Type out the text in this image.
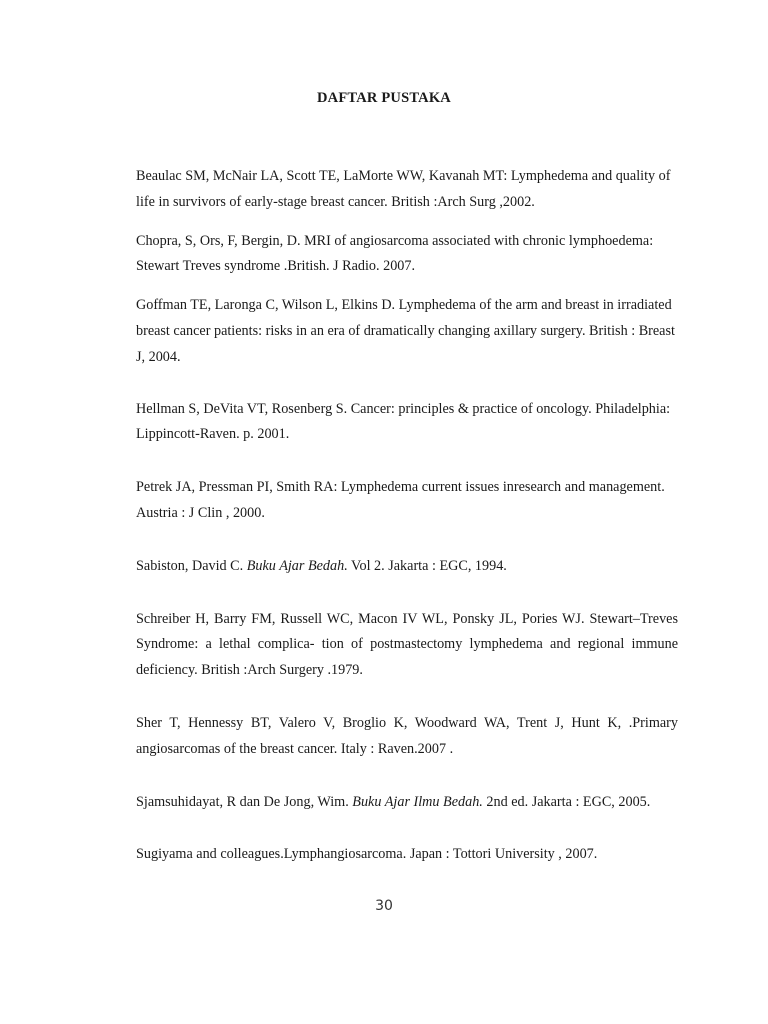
DAFTAR PUSTAKA

Beaulac SM, McNair LA, Scott TE, LaMorte WW, Kavanah MT: Lymphedema and quality of life in survivors of early-stage breast cancer. British :Arch Surg ,2002.

Chopra, S, Ors, F, Bergin, D. MRI of angiosarcoma associated with chronic lymphoedema: Stewart Treves syndrome .British. J Radio. 2007.

Goffman TE, Laronga C, Wilson L, Elkins D. Lymphedema of the arm and breast in irradiated breast cancer patients: risks in an era of dramatically changing axillary surgery. British : Breast J, 2004.

Hellman S, DeVita VT, Rosenberg S. Cancer: principles & practice of oncology. Philadelphia: Lippincott-Raven. p. 2001.

Petrek JA, Pressman PI, Smith RA: Lymphedema current issues inresearch and management. Austria : J Clin , 2000.

Sabiston, David C. Buku Ajar Bedah. Vol 2. Jakarta : EGC, 1994.

Schreiber H, Barry FM, Russell WC, Macon IV WL, Ponsky JL, Pories WJ. Stewart–Treves Syndrome: a lethal complica- tion of postmastectomy lymphedema and regional immune deficiency. British :Arch Surgery .1979.

Sher T, Hennessy BT, Valero V, Broglio K, Woodward WA, Trent J, Hunt K, .Primary angiosarcomas of the breast cancer. Italy : Raven.2007 .

Sjamsuhidayat, R dan De Jong, Wim. Buku Ajar Ilmu Bedah. 2nd ed. Jakarta : EGC, 2005.

Sugiyama and colleagues.Lymphangiosarcoma. Japan : Tottori University , 2007.

30
